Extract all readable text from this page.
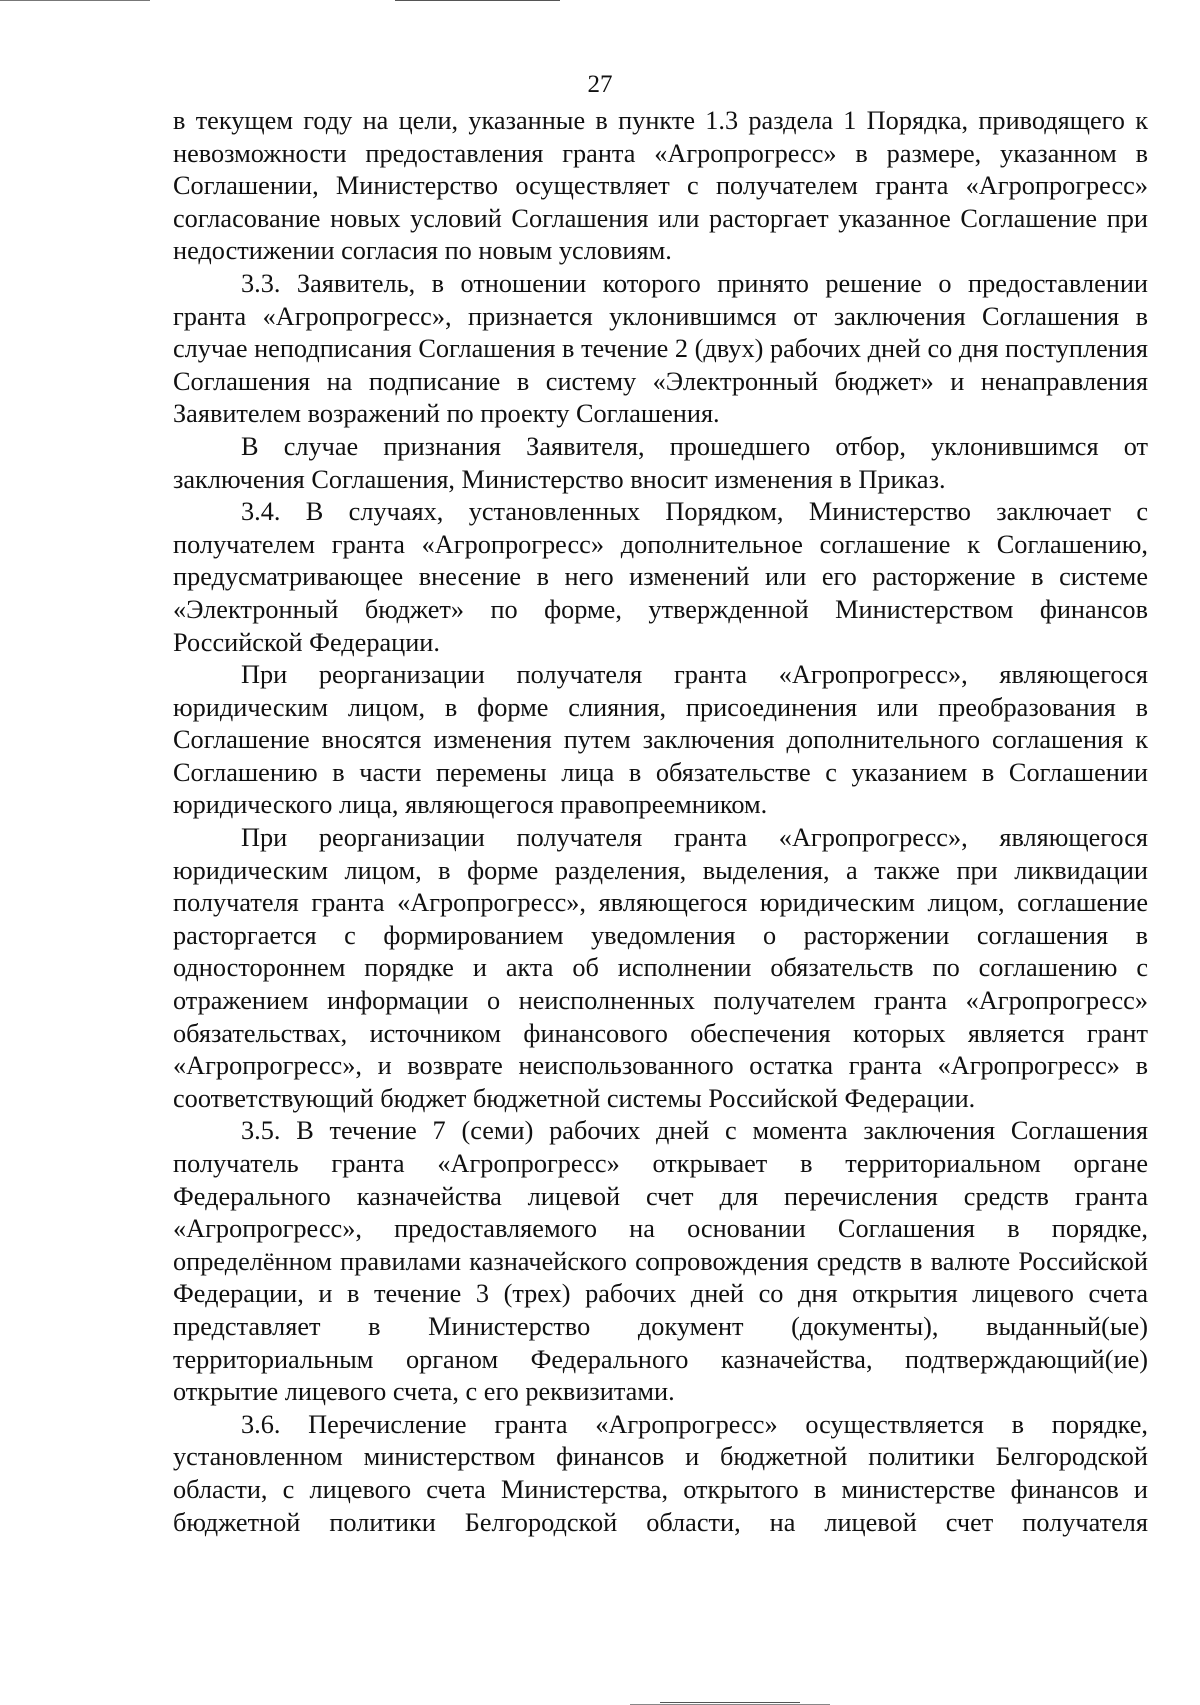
27

в текущем году на цели, указанные в пункте 1.3 раздела 1 Порядка, приводящего к невозможности предоставления гранта «Агропрогресс» в размере, указанном в Соглашении, Министерство осуществляет с получателем гранта «Агропрогресс» согласование новых условий Соглашения или расторгает указанное Соглашение при недостижении согласия по новым условиям.

3.3. Заявитель, в отношении которого принято решение о предоставлении гранта «Агропрогресс», признается уклонившимся от заключения Соглашения в случае неподписания Соглашения в течение 2 (двух) рабочих дней со дня поступления Соглашения на подписание в систему «Электронный бюджет» и ненаправления Заявителем возражений по проекту Соглашения.

В случае признания Заявителя, прошедшего отбор, уклонившимся от заключения Соглашения, Министерство вносит изменения в Приказ.

3.4. В случаях, установленных Порядком, Министерство заключает с получателем гранта «Агропрогресс» дополнительное соглашение к Соглашению, предусматривающее внесение в него изменений или его расторжение в системе «Электронный бюджет» по форме, утвержденной Министерством финансов Российской Федерации.

При реорганизации получателя гранта «Агропрогресс», являющегося юридическим лицом, в форме слияния, присоединения или преобразования в Соглашение вносятся изменения путем заключения дополнительного соглашения к Соглашению в части перемены лица в обязательстве с указанием в Соглашении юридического лица, являющегося правопреемником.

При реорганизации получателя гранта «Агропрогресс», являющегося юридическим лицом, в форме разделения, выделения, а также при ликвидации получателя гранта «Агропрогресс», являющегося юридическим лицом, соглашение расторгается с формированием уведомления о расторжении соглашения в одностороннем порядке и акта об исполнении обязательств по соглашению с отражением информации о неисполненных получателем гранта «Агропрогресс» обязательствах, источником финансового обеспечения которых является грант «Агропрогресс», и возврате неиспользованного остатка гранта «Агропрогресс» в соответствующий бюджет бюджетной системы Российской Федерации.

3.5. В течение 7 (семи) рабочих дней с момента заключения Соглашения получатель гранта «Агропрогресс» открывает в территориальном органе Федерального казначейства лицевой счет для перечисления средств гранта «Агропрогресс», предоставляемого на основании Соглашения в порядке, определённом правилами казначейского сопровождения средств в валюте Российской Федерации, и в течение 3 (трех) рабочих дней со дня открытия лицевого счета представляет в Министерство документ (документы), выданный(ые) территориальным органом Федерального казначейства, подтверждающий(ие) открытие лицевого счета, с его реквизитами.

3.6. Перечисление гранта «Агропрогресс» осуществляется в порядке, установленном министерством финансов и бюджетной политики Белгородской области, с лицевого счета Министерства, открытого в министерстве финансов и бюджетной политики Белгородской области, на лицевой счет получателя
